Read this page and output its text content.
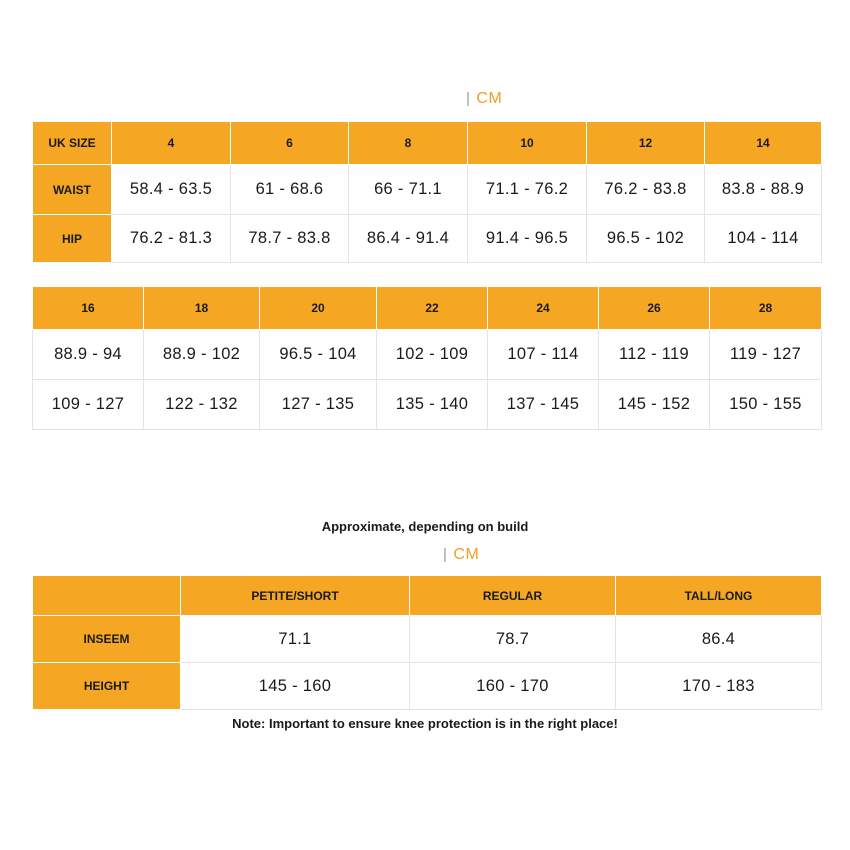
| CM
UK SIZE	4	6	8	10	12	14
WAIST	58.4 - 63.5	61 - 68.6	66 - 71.1	71.1 - 76.2	76.2 - 83.8	83.8 - 88.9
HIP	76.2 - 81.3	78.7 - 83.8	86.4 - 91.4	91.4 - 96.5	96.5 - 102	104 - 114
16	18	20	22	24	26	28
88.9 - 94	88.9 - 102	96.5 - 104	102 - 109	107 - 114	112 - 119	119 - 127
109 - 127	122 - 132	127 - 135	135 - 140	137 - 145	145 - 152	150 - 155
Approximate, depending on build
| CM
	PETITE/SHORT	REGULAR	TALL/LONG
INSEEM	71.1	78.7	86.4
HEIGHT	145 - 160	160 - 170	170 - 183
Note: Important to ensure knee protection is in the right place!
